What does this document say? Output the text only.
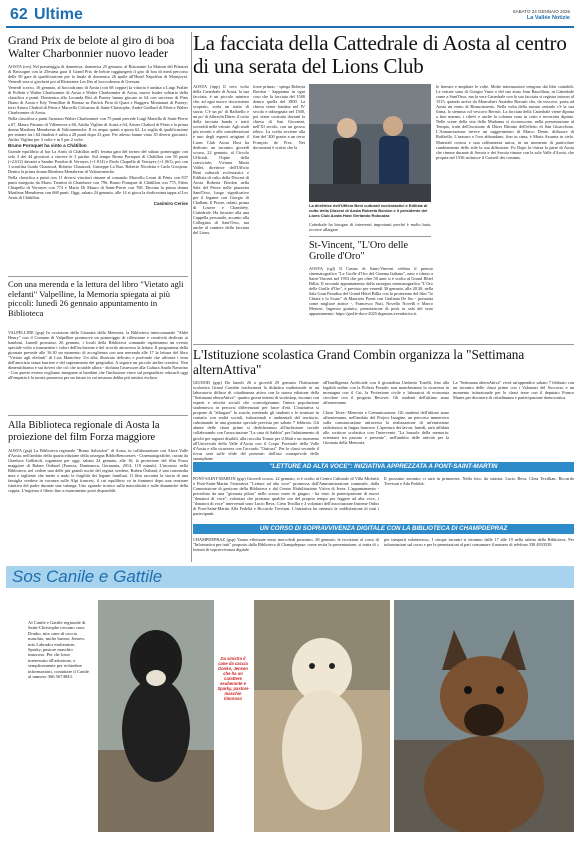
62 Ultime	SABATO 24 GENNAIO 2026
La Vallée Notizie
Grand Prix de belote al giro di boa Walter Charbonnier nuovo leader

AOSTA (ces) Nel pomeriggio di domenica, domenica 25 gennaio, al Ristorante La Maison del Pilastrei di Brissogne con la 25esima gara il Grand Prix de belote raggiungerà il giro di boa di metà percorso delle 50 gare di qualificazione per la finale di domenica 26 aprile all'Hotel Napoléon di Montjovet. Venerdì sera si giocherà poi al Ristorante Les Iles al boccodromo di Gressan.

Venerdì scorso, 16 gennaio, al boccodromo di Aosta (con 68 coppie) la vittoria è andata a Luigi Praller di Pollein e Walter Charbonnier di Aosta e Walter Charbonnier di Aosta, nuovo leader solitario della classifica a punti. Domenica alla Locanda Bisi di Pontey hanno giocato in 64 con successo di Pino Diano di Aosta e Edy Vermillon di Bionaz su Patrick Piria di Quart e Ruggero Montanari di Pontey; terzi Arturo Chabod di Fénis e Marcello Colosimo di Saint-Christophe, André Gaillard di Fénis e Walter Charbonnier di Aosta.

Nella classifica a punti l'aostano Walter Charbonnier con 75 punti precede Luigi Martella di Saint-Pierre a 67, Mauro Patruno di Villeneuve a 66, Attilio Viglino di Aosta a 64, Arturo Chabod di Fénis e la prima donna Marilena Menabreaz di Valtournenche. Il ex aequo quinti a quota 62. La soglia di qualificazione per entrare tra i 64 finalisti è salita a 28 punti dopo 23 gare. Per adesso hanno vinto 35 diversi giocatori. Attilio Viglino per 3 volte e in 5 per 2 volte.

Bruno Pornquet ha vinto a Châtillon

Grande equilibrio al bar La Arnis di Châtillon nell'i lesima gara del torneo del sabato pomeriggio con solo 3 dei 44 giocatori a vincere le 3 partite. Sul tempo Bruno Pornquet di Châtillon con 50 punti (+2.612) davanti a Sandro Poudon di Verrayes (+1.814) e Paolo Chapella di Verrayes (+1.061); poi con 1 sconfitta Guido Chaussod, Roberto Chaussod, Giuseppe Lo Rao, Roberto Nicoletta e Carlo Grosjean. Dentro la prima donna Marilena Menabreaz di Valtournenche.

Nella classifica a punti con 11 diversi vincitori rimane al comando Marcello Leoni di Fénis con 837 punti inseguito da Mario Trentini di Chambave con 796, Bruno Pornquet di Châtillon con 775, Fabio Chiapello di Verrayes con 774 e Mario Di Mauro di Saint-Pierre con 768. Decima la prima donna Marilena Menabreaz con 668 punti. Oggi, sabato 24 gennaio, alle 14 si gioca la dodicesima tappa al Les Arnis di Châtillon.

Casimiro Cerise
Con una merenda e la lettura del libro "Vietato agli elefanti" Valpelline, la Memoria spiegata ai più piccoli: lunedì 26 gennaio appuntamento in Biblioteca
VALPELLINE (gsp) In occasione della Giornata della Memoria, la Biblioteca intercomunale "Abbé Henry" con il Comune di Valpelline promuove un pomeriggio di riflessione e creatività dedicato ai bambini. Lunedì prossimo, 26 gennaio, i locali della Biblioteca comunale ospiteranno un evento speciale volto a trasmettere i valori dell'inclusione e del ricordo attraverso la lettura. Il programma della giornata prevede alle 16.30 un momento di accoglienza con una merenda alle 17 la lettura del libro "Vietato agli elefanti" di Lisa Mantchev. Un albo illustrato delicato e profondo che affronta i temi dell'amicizia senza barriere e del superamento dei pregiudizi. A seguire un piccolo atelier creativo. Non dimentichiamo e sui doveri che ciò che accadde allora - dichiara l'assessore alla Cultura Analù Navarino - Con questo evento vogliamo insegnare ai bambini che l'inclusione vince sul pregiudizio: educarli oggi all'empatia è la nostra promessa per un futuro in cui nessuno debba più sentirsi escluso.
Alla Biblioteca regionale di Aosta la proiezione del film Forza maggiore
AOSTA (gsp) La Biblioteca regionale "Bruno Salvadori" di Aosta, in collaborazione con Alace Valle d'Aosta, nell'ambito della quarta edizione della rassegna BiblioRencontres - Cinematografiche, curata da Gianluca Gallizioli, organizza per oggi, sabato 24 gennaio, alle 16, la proiezione del film Forza maggiore di Ruben Östlund (Francia, Danimarca, Germania, 2014, 118 minuti). L'incontro nella Biblioteca, nel vedere una delle più grandi uscite del regista svedese, Ruben Östlund, è una commedia nera e tagliente che mette a nudo la fragilità dei legami familiari. Il film racconta la storia di una famiglia svedese in vacanza sulle Alpi francesi, il cui equilibrio va in frantumi dopo una reazione istintiva del padre durante una valanga. Uno sguardo ironico sulla mascolinità e sulle dinamiche della coppia. L'ingresso è libero fino a esaurimento posti disponibili.
La facciata della Cattedrale di Aosta al centro di una serata del Lions Club
AOSTA (ttpp) Il vero volto della Cattedrale di Aosta, la sua facciata, è un piccolo miniero che, ad ogni nuovo docu-mento scoperto, svela un tratto di storia. C'è un po' di Raffaello e un po' di Albrecht Dürer, il cotto della facciata banda e tratti sovraddi nelle vetrate. Agli studi più recenti e alle considerazioni e uno degli esperti artigiani il Lions Club Aosta Host ha dedicato un incontro giovedì scorso, 22 gennaio, al Circolo Ufficiali. Ospite della conviviale, Viviana Maria Vallet, direttrice dell'Ufficio Beni culturali ecclesiastici e Edilizia di culto della Diocesi di Aosta Roberta Bordon nella Sala del Priore nella piazzetta Sant'Orso, luogo significativo per il legame con Giorgio di Challant. Il Priore, infatti, prima di Louvre e Chambéry. Cattedrale. Ha lavorato alla una Cappella personale, accanto alla Collegiata di Sant'Orso, ma anche al cantiere della facciata del Lions.
fosse prima» - spiega Roberta Bordon - Sappiamo in ogni caso che la facciata del 1500 dentro quella del 1800. La chiesa viene fondata nel IV secolo e ridisegnata nel 1500, poi viene costruita davanti la chiesa di San Giovanni, nell'XI secolo, con un grosso telero. La scelta avviene alla fine del '400 grazie a un certo François de Prez. Nei documenti è scritto che la
La direttrice dell'Ufficio Beni culturali ecclesiastici e Edilizia di culto della Diocesi di Aosta Roberta Bordon e il presidente del Lions Club Aosta Host Gerlando Roboulaz
Cattedrale ha bisogno di interventi importanti perché è molto buia, occorre allargare
le finestre e ampliare le volte. Molte informazioni vengono dai libri contabili. Le vetrate sono di Giorgio Vaser e del suo aiuto Jean Bauchhon, in Cattedrale come a Sant'Orso, ma la vera Cattedrale con la sua facciata si registra intorno al 1515, quando arriva da Moncalieri Amedeo Berrutti che, da vescovo, porta ad Aosta un vento di Rinascimento. Nella volta della navata centrale c'è la sua firma, lo stemma col vescovo Berruti. La facciata della Cattedrale viene dipinta a fine marmo, i rilievi e anche la colonna sono in cotto e terracotta dipinta. Nelle scene della vita della Madonna si riconoscono, nella presentazione al Tempio, tratti dell'incisione di Dürer Ritratto dell'effetto di San Gioacchino. L'Annunciazione invece un suggerimento di Marco Dente, diffusore di Raffaello. L'azzurro e l'oro abbondano, fino in cima, è Maria Assunta in cielo. Materiali costosi e una raffinatezza unica, in un momento di particolare cambiamento dello stile la sua diffusione. Fu Dopo la chiesa la parte di Aosta che rimase durante di Savoia e dei Savoia rimase con la sola Valle d'Aosta, che propria nel 1536 istituisce il Conseil des commis.
St-Vincent, "L'Oro delle Grolle d'Oro"
AOSTA (cgl) Il Casino di Saint-Vincent celebra il premio cinematografico "Le Grolle d'Oro del Cinema Italiano", nato e ideato a Saint-Vincent nel 1953 che per oltre 50 anni si è svolto al Grand Hôtel Billia. Il secondo appuntamento della rassegna cinematografica "L'Oro delle Grolle d'Oro", è previsto per venerdì 30 gennaio, alle 20.30, nella Sala Gran Paradiso del Grand Hôtel Billia con la proiezione del film "Io Chiara e lo Scuro" di Maurizio Ponzi con Giuliana De Sio - premiata come migliore attrice -, Francesco Nuti, Novello Novelli e Marco Messeri. Ingresso gratuito, prenotazione di posti in sala del seuo appuntamento: https://grolle-doro-2025.tkgenius.eventfactor.it.
L'Istituzione scolastica Grand Combin organizza la "Settimana alternAttiva"
GIGNOD (gsp) Da lunedì 26 a giovedì 29 gennaio l'Istituzione scolastica Grand Combin trasformerà la didattica tradizionale in un laboratorio diffuso di cittadinanza attiva con la nuova edizione della "Settimana alternAttiva": quattro giorni intensi di workshop, incontri con esperti e attività sociali che coinvolgeranno l'intera popolazione studentesca in percorsi differenziati per fasce d'età. L'iniziativa si propone di "allargare" la scuola, mettendo gli studenti e le strutture in contatto con realtà sociali, istituzionali e ambientali del territorio, culminando in una giornata speciale prevista per sabato 7 febbraio. Gli alunni delle classi prime si dedicheranno all'inclusione sociale collaborando con l'associazione "La casa di Sabbia" per l'adattamento di giochi per ragazzi disabili, alla raccolta Tomas per il Mali e un momento all'Università della Valle d'Aosta con il Corpo Forestale della Valle d'Aosta e alla sicurezza con l'accordo "Outcast". Per le classi seconde il focus sarà sulle sfide del presente: dall'uso consapevole dello smartphone
all'Intelligenza Artificiale con il giornalista Umberto Tozelli, fino alla legalità online con la Polizia Postale; non mancheranno la sicurezza in montagna con il Cai, la Protezione civile e laboratori di economia circolare con il progetto Recover. Gli studenti dell'ultimo anno affronteranno
Classi Terze: Memoria e Comunicazione. Gli studenti dell'ultimo anno affronteranno, nell'ambito del Project Imagine, un percorso immersivo sulla comunicazione attraverso la realizzazione di un'emissione radiofonica in lingua francese. L'apertura dei lavori, lunedì, sarà affidata allo scrittore scolastica con l'intervento "La bussola della memoria: orientarsi tra passato e presente", nell'ambito delle attività per la Giornata della Memoria.
La "Settimana alternAttiva" vivrà un'appendice sabato 7 febbraio con un incontro delle classi prime con i Volontari del Soccorso e un momento istituzionale per le classi terze con il deputato Franco Manes per discutere di cittadinanza e partecipazione democratica.
"LETTURE AD ALTA VOCE": INIZIATIVA APPREZZATA A PONT-SAINT-MARTIN
PONT-SAINT-MARTIN (gsp) Giovedì scorso, 22 gennaio, si è svolto al Centro Culturale di Villa Michetti a Pont-Saint-Martin l'iniziativa "Letture ad alta voce" promossa dall'Amministrazione comunale, dalla Commissione di gestione della Biblioteca e dal Centro Riabilitazione Visiva di Ivrea. L'appuntamento - preceduto da una "giornata pilota" nello scorso mese di giugno - ha visto la partecipazione di nuovi "donatori di voce", volontari che prestano qualche ora del proprio tempo per leggere ad alta voce, i "donatori di voce" intervenuti sono Lucio Beva, Ciera Texillia e 2 volontari dell'associazione Insieme Onlus di Pont-Saint-Martin Alla Fedeltà e Riccardo Trevisan. L'iniziativa ha ottenuto la soddisfazione di tutti i partecipanti.
Il prossimo incontro ci sarà in primavera. Nella foto, da sinistra, Lucio Beva, Cleta Texillian, Riccardo Trevisan e Ada Fedeltà.
UN CORSO DI SOPRAVVIVENZA DIGITALE CON LA BIBLIOTECA DI CHAMPDEPRAZ
CHAMPDEPRAZ (gsp) Vanno effettuate entro mercoledì prossimo, 28 gennaio, le iscrizioni al corso di "Informatica per tutti" proposto dalla Biblioteca di Champdepraz: come recita la presentazione, si tratta di « lezioni di sopravvivenza digitale
per inesperti volenterosi». I cinque incontri si terranno dalle 17 alle 19 nella saletta della Biblioteca. Per informazioni sul corso e per le prenotazioni al pari consumare il numero di telefono 338 4933530.
Sos Canile e Gattile
Al Canile e Gattile regionale di Saint-Christophe cercano casa: Donko, mix cane di caccia maschio, molto buono; Jensen, mix Labrador esuberante; Sparky, pastore maschio timoroso. Per chi fosse interessato all'adozione, o semplicemente per richiedere informazioni, contattare il Canile al numero 366 5674843.
Da sinistra il cane da caccia Donko, Jensen che ha un carattere esuberante e Sparky, pastore maschio timoroso
